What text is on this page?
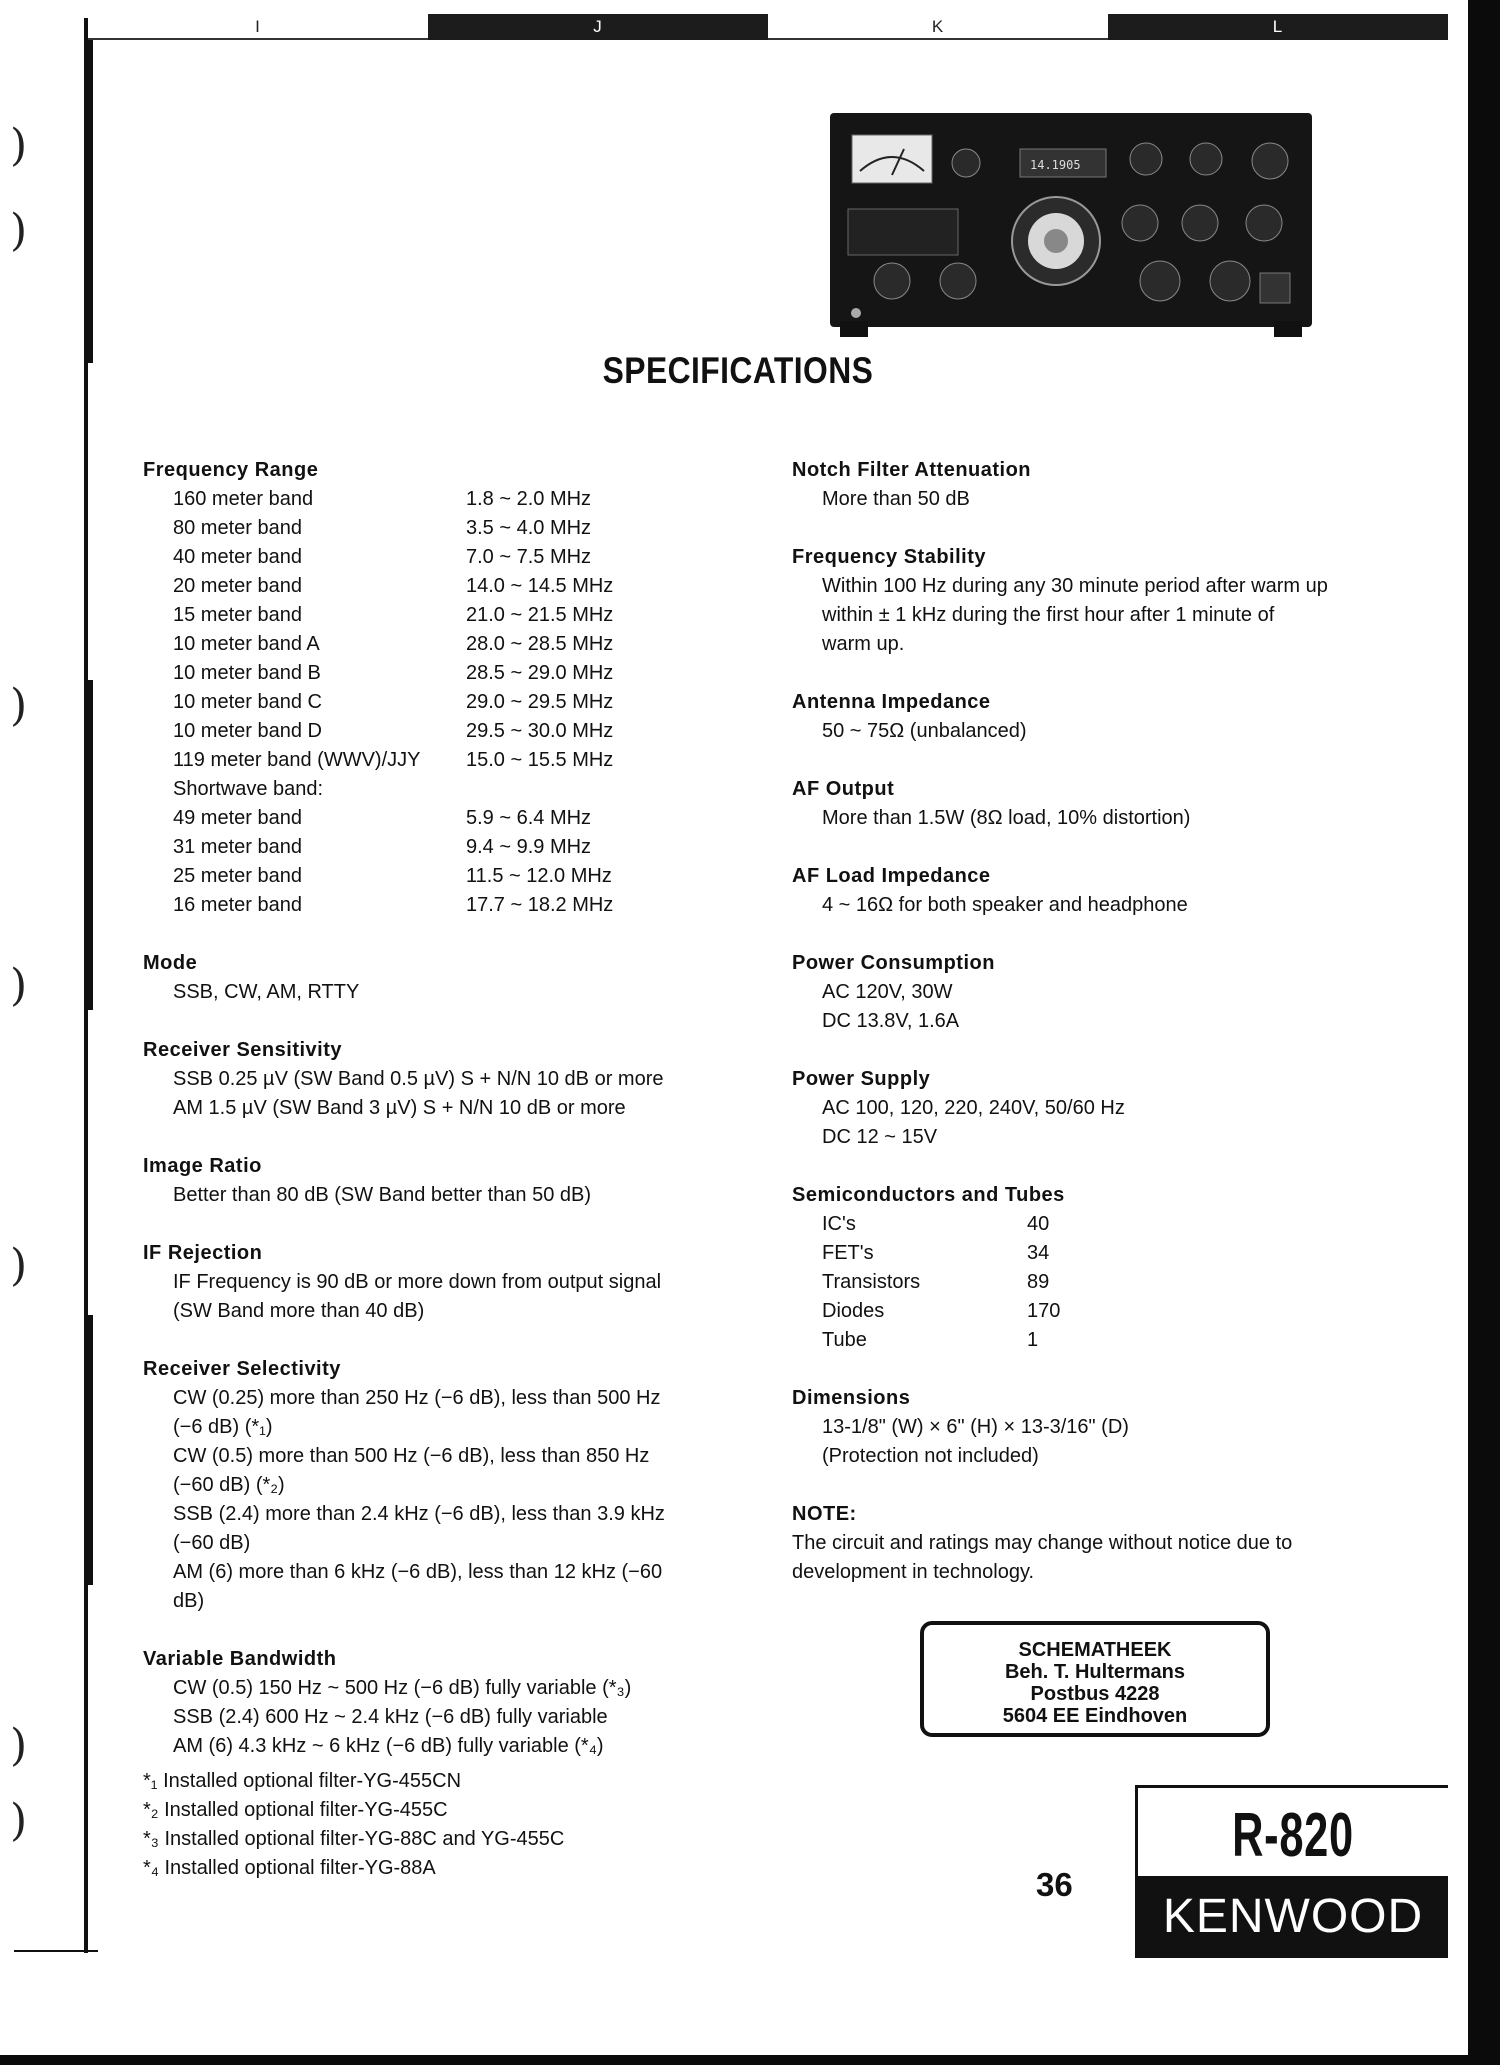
)
)
)
)
)
)
)
I	J	K	L
14.1905
SPECIFICATIONS
Frequency Range
160 meter band	1.8 ~ 2.0 MHz
80 meter band	3.5 ~ 4.0 MHz
40 meter band	7.0 ~ 7.5 MHz
20 meter band	14.0 ~ 14.5 MHz
15 meter band	21.0 ~ 21.5 MHz
10 meter band A	28.0 ~ 28.5 MHz
10 meter band B	28.5 ~ 29.0 MHz
10 meter band C	29.0 ~ 29.5 MHz
10 meter band D	29.5 ~ 30.0 MHz
119 meter band (WWV)/JJY	15.0 ~ 15.5 MHz
Shortwave band:
49 meter band	5.9 ~ 6.4 MHz
31 meter band	9.4 ~ 9.9 MHz
25 meter band	11.5 ~ 12.0 MHz
16 meter band	17.7 ~ 18.2 MHz
Mode
SSB, CW, AM, RTTY
Receiver Sensitivity
SSB 0.25 µV (SW Band 0.5 µV) S + N/N 10 dB or more
AM 1.5 µV (SW Band 3 µV) S + N/N 10 dB or more
Image Ratio
Better than 80 dB (SW Band better than 50 dB)
IF Rejection
IF Frequency is 90 dB or more down from output signal
(SW Band more than 40 dB)
Receiver Selectivity
CW (0.25) more than 250 Hz (−6 dB), less than 500 Hz
(−6 dB) (*₁)
CW (0.5) more than 500 Hz (−6 dB), less than 850 Hz
(−60 dB) (*₂)
SSB (2.4) more than 2.4 kHz (−6 dB), less than 3.9 kHz
(−60 dB)
AM (6) more than 6 kHz (−6 dB), less than 12 kHz (−60
dB)
Variable Bandwidth
CW (0.5) 150 Hz ~ 500 Hz (−6 dB) fully variable (*₃)
SSB (2.4) 600 Hz ~ 2.4 kHz (−6 dB) fully variable
AM (6) 4.3 kHz ~ 6 kHz (−6 dB) fully variable (*₄)
*₁ Installed optional filter-YG-455CN
*₂ Installed optional filter-YG-455C
*₃ Installed optional filter-YG-88C and YG-455C
*₄ Installed optional filter-YG-88A
Notch Filter Attenuation
More than 50 dB
Frequency Stability
Within 100 Hz during any 30 minute period after warm up
within ± 1 kHz during the first hour after 1 minute of
warm up.
Antenna Impedance
50 ~ 75Ω (unbalanced)
AF Output
More than 1.5W (8Ω load, 10% distortion)
AF Load Impedance
4 ~ 16Ω for both speaker and headphone
Power Consumption
AC 120V, 30W
DC 13.8V, 1.6A
Power Supply
AC 100, 120, 220, 240V, 50/60 Hz
DC 12 ~ 15V
Semiconductors and Tubes
IC's	40
FET's	34
Transistors	89
Diodes	170
Tube	1
Dimensions
13-1/8" (W) × 6" (H) × 13-3/16" (D)
(Protection not included)
NOTE:
The circuit and ratings may change without notice due to
development in technology.
SCHEMATHEEK
Beh. T. Hultermans
Postbus 4228
5604 EE Eindhoven
36
R-820
KENWOOD
